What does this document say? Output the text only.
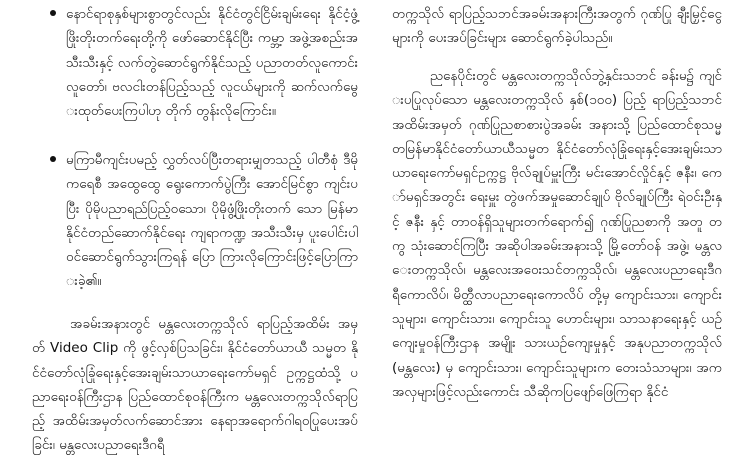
နောင်ရာစုနှစ်များစွာတွင်လည်း နိုင်ငံတွင်ငြိမ်းချမ်းရေး နိုင်ငံ့ဖွံ့ဖြိုးတိုးတက်ရေးတို့ကို ဖော်ဆောင်နိုင်ပြီး ကမ္ဘာ့ အဖွဲ့အစည်းအသီးသီးနှင့် လက်တွဲဆောင်ရွက်နိုင်သည့် ပညာတတ်လူကောင်းလူတော်၊ ဗလငါးတန်ပြည့်သည့် လူငယ်များကို ဆက်လက်မွေးထုတ်ပေးကြပါဟု တိုက် တွန်းလိုကြောင်း။

မကြာမီကျင်းပမည့် လွှတ်လပ်ပြီးတရားမျှတသည့် ပါတီစုံ ဒီမိုကရေစီ အထွေထွေ ရွေးကောက်ပွဲကြီး အောင်မြင်စွာ ကျင်းပပြီး ပိုမိုပညာရည်ပြည့်ဝသော၊ ပိုမိုဖွံ့ဖြိုးတိုးတက် သော မြန်မာနိုင်ငံတည်ဆောက်နိုင်ရေး ကျရာကဏ္ဍ အသီးသီးမှ ပူးပေါင်းပါဝင်ဆောင်ရွက်သွားကြရန် ပြော ကြားလိုကြောင်းဖြင့်ပြောကြားခဲ့၏။

အခမ်းအနားတွင် မန္တလေးတက္ကသိုလ် ရာပြည့်အထိမ်း အမှတ် Video Clip ကို ဖွင့်လှစ်ပြသခြင်း၊ နိုင်ငံတော်ယာယီ သမ္မတ နိုင်ငံတော်လုံခြုံရေးနှင့်အေးချမ်းသာယာရေးကော်မရှင် ဥက္ကဋ္ဌထံသို့ ပညာရေးဝန်ကြီးဌာန ပြည်ထောင်စုဝန်ကြီးက မန္တလေးတက္ကသိုလ်ရာပြည့် အထိမ်းအမှတ်လက်ဆောင်အား နေရာအရောက်ဂါရဝပြုပေးအပ်ခြင်း၊ မန္တလေးပညာရေးဒီဂရီ

တက္ကသိုလ် ရာပြည့်သဘင်အခမ်းအနားကြီးအတွက် ဂုဏ်ပြု ချီးမြှင့်ငွေများကို ပေးအပ်ခြင်းများ ဆောင်ရွက်ခဲ့ပါသည်။

ညနေပိုင်းတွင် မန္တလေးတက္ကသိုလ်ဘွဲ့နှင်းသဘင် ခန်းမ၌ ကျင်းပပြုလုပ်သော မန္တလေးတက္ကသိုလ် နှစ်(၁၀၀) ပြည့် ရာပြည့်သဘင်အထိမ်းအမှတ် ဂုဏ်ပြုညစာစားပွဲအခမ်း အနားသို့ ပြည်ထောင်စုသမ္မတမြန်မာနိုင်ငံတော်ယာယီသမ္မတ နိုင်ငံတော်လုံခြုံရေးနှင့်အေးချမ်းသာယာရေးကော်မရှင်ဥက္ကဋ္ဌ ဗိုလ်ချုပ်မှူးကြီး မင်းအောင်လှိုင်နှင့် ဇနီး၊ ကော်မရှင်အတွင်း ရေးမှူး တွဲဖက်အမှုဆောင်ချုပ် ဗိုလ်ချုပ်ကြီး ရဲဝင်းဦးနှင့် ဇနီး နှင့် တာဝန်ရှိသူများတက်ရောက်၍ ဂုဏ်ပြုညစာကို အတူ တကွ သုံးဆောင်ကြပြီး အဆိုပါအခမ်းအနားသို့ မြို့တော်ဝန် အဖွဲ့၊ မန္တလေးတက္ကသိုလ်၊ မန္တလေးအဝေးသင်တက္ကသိုလ်၊ မန္တလေးပညာရေးဒီဂရီကောလိပ်၊ မိတ္ထီလာပညာရေးကောလိပ် တို့မှ ကျောင်းသား၊ ကျောင်းသူများ၊ ကျောင်းသား၊ ကျောင်းသူ ဟောင်းများ၊ သာသနာရေးနှင့် ယဉ်ကျေးမှုဝန်ကြီးဌာန အမျိုး သားယဉ်ကျေးမှုနှင့် အနုပညာတက္ကသိုလ် (မန္တလေး) မှ ကျောင်းသား၊ ကျောင်းသူများက တေးသံသာများ၊ အက အလှများဖြင့်လည်းကောင်း သီဆိုကပြဖျော်ဖြေကြရာ နိုင်ငံ
